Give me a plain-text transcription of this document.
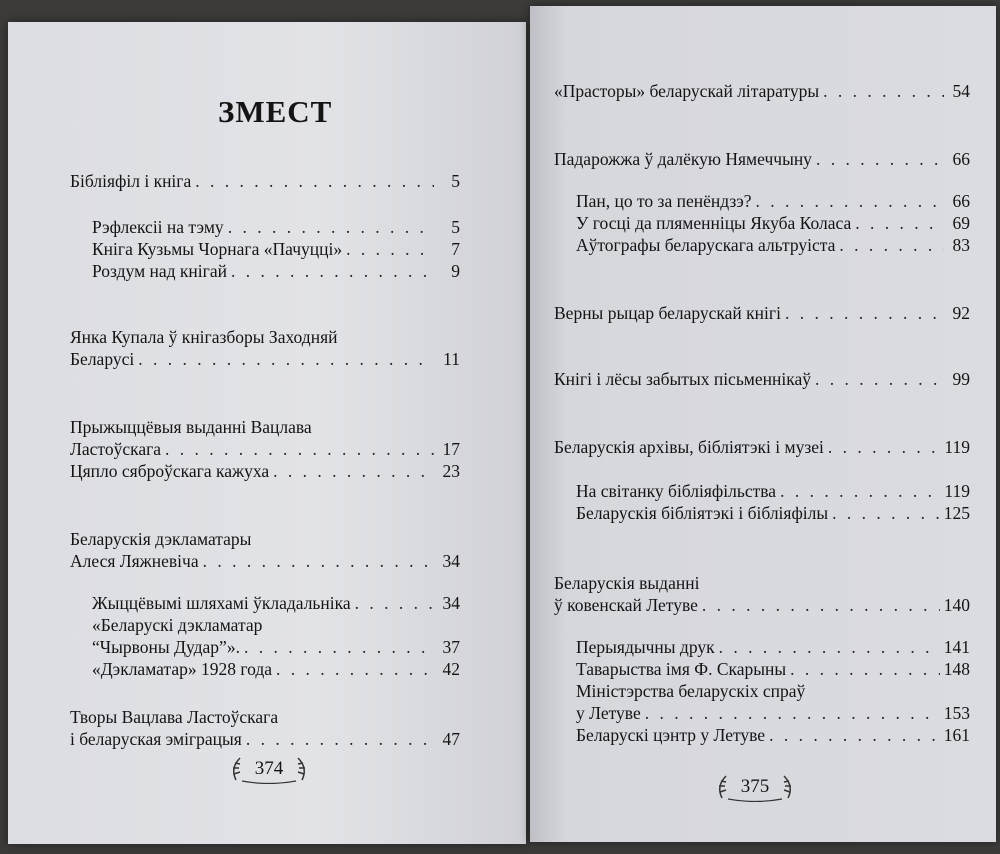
ЗМЕСТ
Бібліяфіл і кніга . . .	5
Рэфлексіі на тэму . . .	5
Кніга Кузьмы Чорнага «Пачуцці» . . .	7
Роздум над кнігай . . .	9
Янка Купала ў кнігазборы Заходняй
Беларусі . . .	11
Прыжыццёвыя выданні Вацлава
Ластоўскага . . .	17
Цяпло сяброўскага кажуха . . .	23
Беларускія дэкламатары
Алеся Ляжневіча . . .	34
Жыццёвымі шляхамі ўкладальніка . . .	34
«Беларускі дэкламатар
“Чырвоны Дудар”». . . .	37
«Дэкламатар» 1928 года . . .	42
Творы Вацлава Ластоўскага
і беларуская эміграцыя . . .	47
374
«Прасторы» беларускай літаратуры . . .	54
Падарожжа ў далёкую Нямеччыну . . .	66
Пан, цо то за пенёндзэ? . . .	66
У госці да пляменніцы Якуба Коласа . . .	69
Аўтографы беларускага альтруіста . . .	83
Верны рыцар беларускай кнігі . . .	92
Кнігі і лёсы забытых пісьменнікаў . . .	99
Беларускія архівы, бібліятэкі і музеі . . .	119
На світанку бібліяфільства . . .	119
Беларускія бібліятэкі і бібліяфілы . . .	125
Беларускія выданні
ў ковенскай Летуве . . .	140
Перыядычны друк . . .	141
Таварыства імя Ф. Скарыны . . .	148
Міністэрства беларускіх спраў
у Летуве . . .	153
Беларускі цэнтр у Летуве . . .	161
375
